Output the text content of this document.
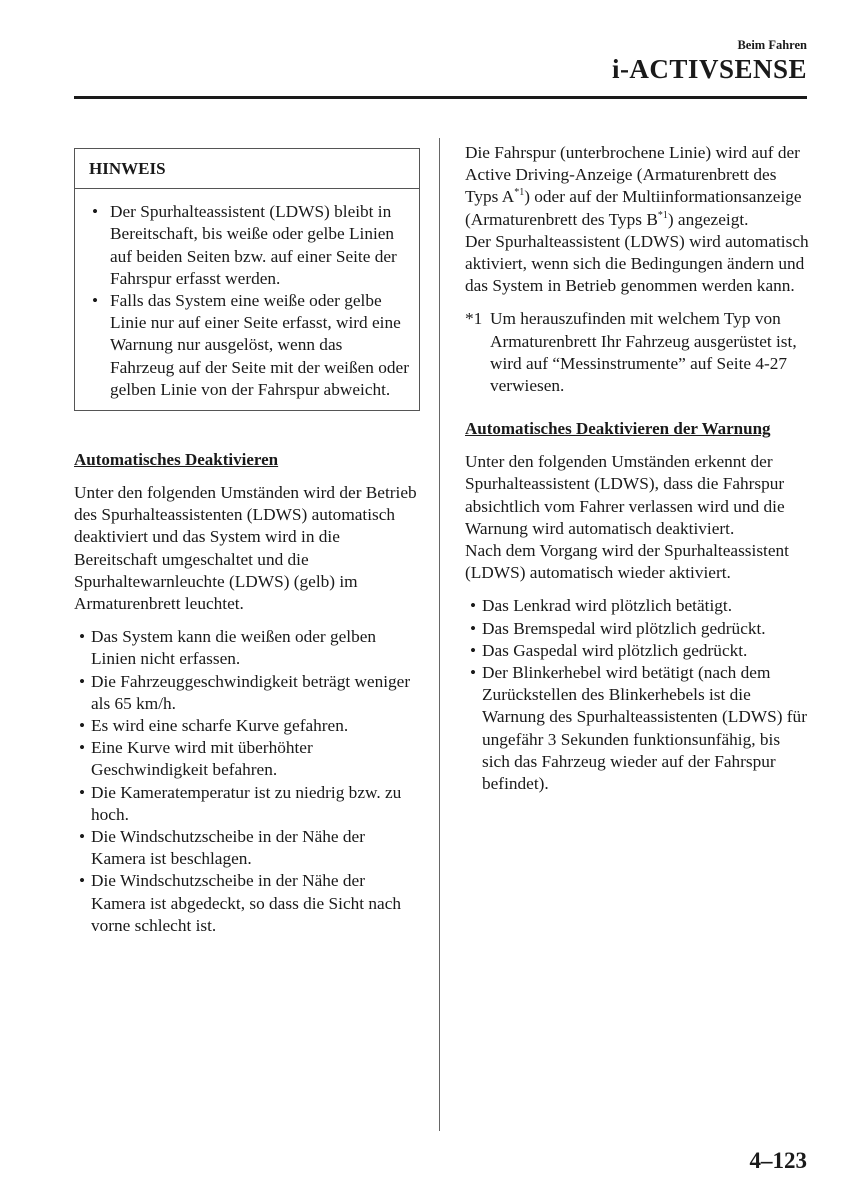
Beim Fahren
i-ACTIVSENSE
HINWEIS
• Der Spurhalteassistent (LDWS) bleibt in Bereitschaft, bis weiße oder gelbe Linien auf beiden Seiten bzw. auf einer Seite der Fahrspur erfasst werden.
• Falls das System eine weiße oder gelbe Linie nur auf einer Seite erfasst, wird eine Warnung nur ausgelöst, wenn das Fahrzeug auf der Seite mit der weißen oder gelben Linie von der Fahrspur abweicht.
Automatisches Deaktivieren

Unter den folgenden Umständen wird der Betrieb des Spurhalteassistenten (LDWS) automatisch deaktiviert und das System wird in die Bereitschaft umgeschaltet und die Spurhaltewarnleuchte (LDWS) (gelb) im Armaturenbrett leuchtet.

• Das System kann die weißen oder gelben Linien nicht erfassen.
• Die Fahrzeuggeschwindigkeit beträgt weniger als 65 km/h.
• Es wird eine scharfe Kurve gefahren.
• Eine Kurve wird mit überhöhter Geschwindigkeit befahren.
• Die Kameratemperatur ist zu niedrig bzw. zu hoch.
• Die Windschutzscheibe in der Nähe der Kamera ist beschlagen.
• Die Windschutzscheibe in der Nähe der Kamera ist abgedeckt, so dass die Sicht nach vorne schlecht ist.

Die Fahrspur (unterbrochene Linie) wird auf der Active Driving-Anzeige (Armaturenbrett des Typs $A^{*1}$) oder auf der Multiinformationsanzeige (Armaturenbrett des Typs $B^{*1}$) angezeigt.

Der Spurhalteassistent (LDWS) wird automatisch aktiviert, wenn sich die Bedingungen ändern und das System in Betrieb genommen werden kann.

*1 Um herauszufinden mit welchem Typ von Armaturenbrett Ihr Fahrzeug ausgerüstet ist, wird auf “Messinstrumente” auf Seite 4-27 verwiesen.
Automatisches Deaktivieren der Warnung

Unter den folgenden Umständen erkennt der Spurhalteassistent (LDWS), dass die Fahrspur absichtlich vom Fahrer verlassen wird und die Warnung wird automatisch deaktiviert.

Nach dem Vorgang wird der Spurhalteassistent (LDWS) automatisch wieder aktiviert.

• Das Lenkrad wird plötzlich betätigt.
• Das Bremspedal wird plötzlich gedrückt.
• Das Gaspedal wird plötzlich gedrückt.
• Der Blinkerhebel wird betätigt (nach dem Zurückstellen des Blinkerhebels ist die Warnung des Spurhalteassistenten (LDWS) für ungefähr 3 Sekunden funktionsunfähig, bis sich das Fahrzeug wieder auf der Fahrspur befindet).
4–123
